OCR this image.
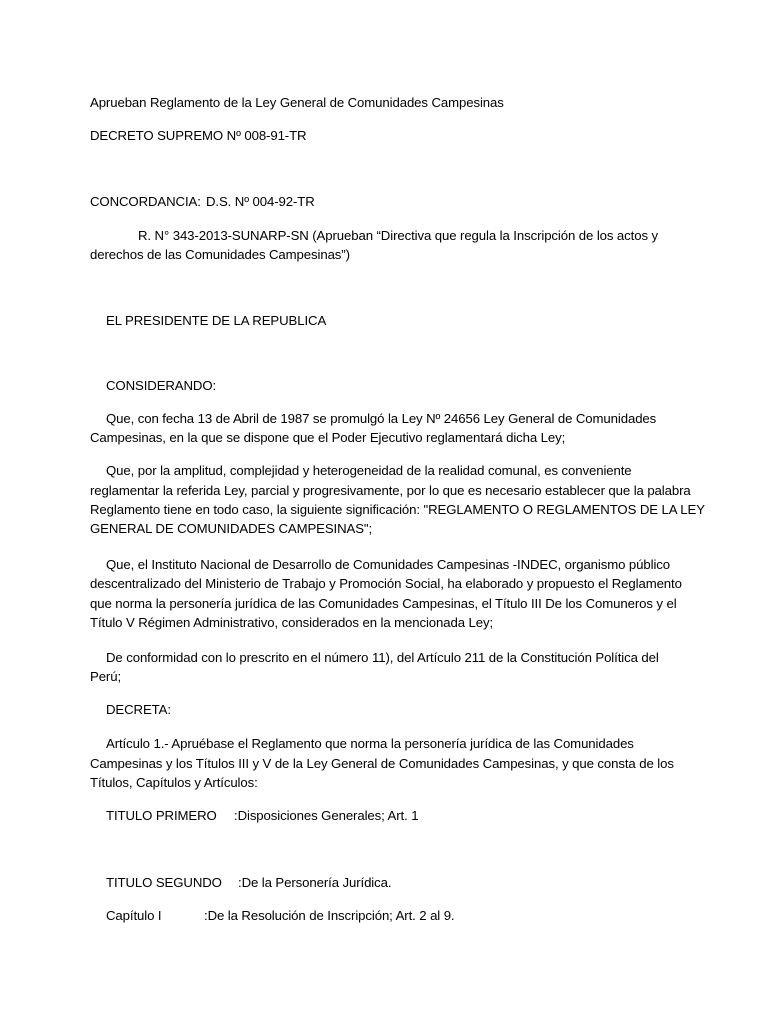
Aprueban Reglamento de la Ley General de Comunidades Campesinas
DECRETO SUPREMO Nº 008-91-TR
CONCORDANCIA: D.S. Nº 004-92-TR
R. N° 343-2013-SUNARP-SN (Aprueban “Directiva que regula la Inscripción de los actos y
derechos de las Comunidades Campesinas”)
EL PRESIDENTE DE LA REPUBLICA
CONSIDERANDO:
Que, con fecha 13 de Abril de 1987 se promulgó la Ley Nº 24656 Ley General de Comunidades
Campesinas, en la que se dispone que el Poder Ejecutivo reglamentará dicha Ley;
Que, por la amplitud, complejidad y heterogeneidad de la realidad comunal, es conveniente
reglamentar la referida Ley, parcial y progresivamente, por lo que es necesario establecer que la palabra
Reglamento tiene en todo caso, la siguiente significación: "REGLAMENTO O REGLAMENTOS DE LA LEY
GENERAL DE COMUNIDADES CAMPESINAS";
Que, el Instituto Nacional de Desarrollo de Comunidades Campesinas -INDEC, organismo público
descentralizado del Ministerio de Trabajo y Promoción Social, ha elaborado y propuesto el Reglamento
que norma la personería jurídica de las Comunidades Campesinas, el Título III De los Comuneros y el
Título V Régimen Administrativo, considerados en la mencionada Ley;
De conformidad con lo prescrito en el número 11), del Artículo 211 de la Constitución Política del
Perú;
DECRETA:
Artículo 1.- Apruébase el Reglamento que norma la personería jurídica de las Comunidades
Campesinas y los Títulos III y V de la Ley General de Comunidades Campesinas, y que consta de los
Títulos, Capítulos y Artículos:
TITULO PRIMERO :Disposiciones Generales; Art. 1
TITULO SEGUNDO :De la Personería Jurídica.
Capítulo I	:De la Resolución de Inscripción; Art. 2 al 9.
